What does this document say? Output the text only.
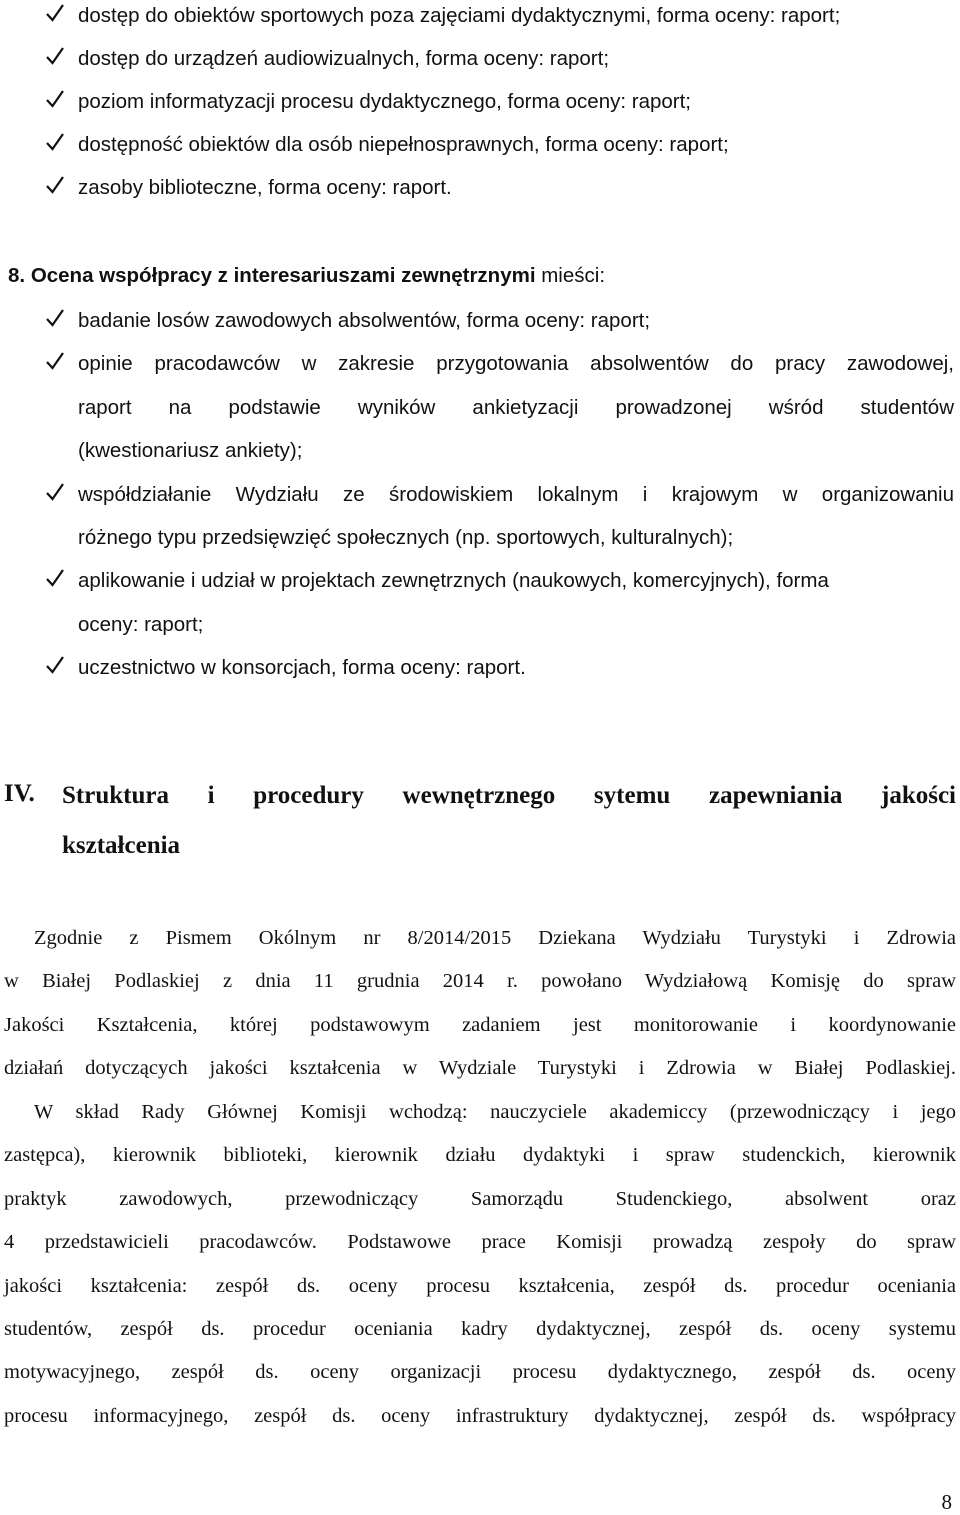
dostęp do obiektów sportowych poza zajęciami dydaktycznymi, forma oceny: raport;
dostęp do urządzeń audiowizualnych, forma oceny: raport;
poziom informatyzacji procesu dydaktycznego, forma oceny: raport;
dostępność obiektów dla osób niepełnosprawnych, forma oceny: raport;
zasoby biblioteczne, forma oceny: raport.
8. Ocena współpracy z interesariuszami zewnętrznymi mieści:
badanie losów zawodowych absolwentów, forma oceny: raport;
opinie pracodawców w zakresie przygotowania absolwentów do pracy zawodowej,
raport na podstawie wyników ankietyzacji prowadzonej wśród studentów
(kwestionariusz ankiety);
współdziałanie Wydziału ze środowiskiem lokalnym i krajowym w organizowaniu
różnego typu przedsięwzięć społecznych (np. sportowych, kulturalnych);
aplikowanie i udział w projektach zewnętrznych (naukowych, komercyjnych), forma
oceny: raport;
uczestnictwo w konsorcjach, forma oceny: raport.
IV. Struktura i procedury wewnętrznego sytemu zapewniania jakości
kształcenia
Zgodnie z Pismem Okólnym nr 8/2014/2015 Dziekana Wydziału Turystyki i Zdrowia
w Białej Podlaskiej z dnia 11 grudnia 2014 r. powołano Wydziałową Komisję do spraw
Jakości Kształcenia, której podstawowym zadaniem jest monitorowanie i koordynowanie
działań dotyczących jakości kształcenia w Wydziale Turystyki i Zdrowia w Białej Podlaskiej.
W skład Rady Głównej Komisji wchodzą: nauczyciele akademiccy (przewodniczący i jego
zastępca), kierownik biblioteki, kierownik działu dydaktyki i spraw studenckich, kierownik
praktyk zawodowych, przewodniczący Samorządu Studenckiego, absolwent oraz
4 przedstawicieli pracodawców. Podstawowe prace Komisji prowadzą zespoły do spraw
jakości kształcenia: zespół ds. oceny procesu kształcenia, zespół ds. procedur oceniania
studentów, zespół ds. procedur oceniania kadry dydaktycznej, zespół ds. oceny systemu
motywacyjnego, zespół ds. oceny organizacji procesu dydaktycznego, zespół ds. oceny
procesu informacyjnego, zespół ds. oceny infrastruktury dydaktycznej, zespół ds. współpracy
8
